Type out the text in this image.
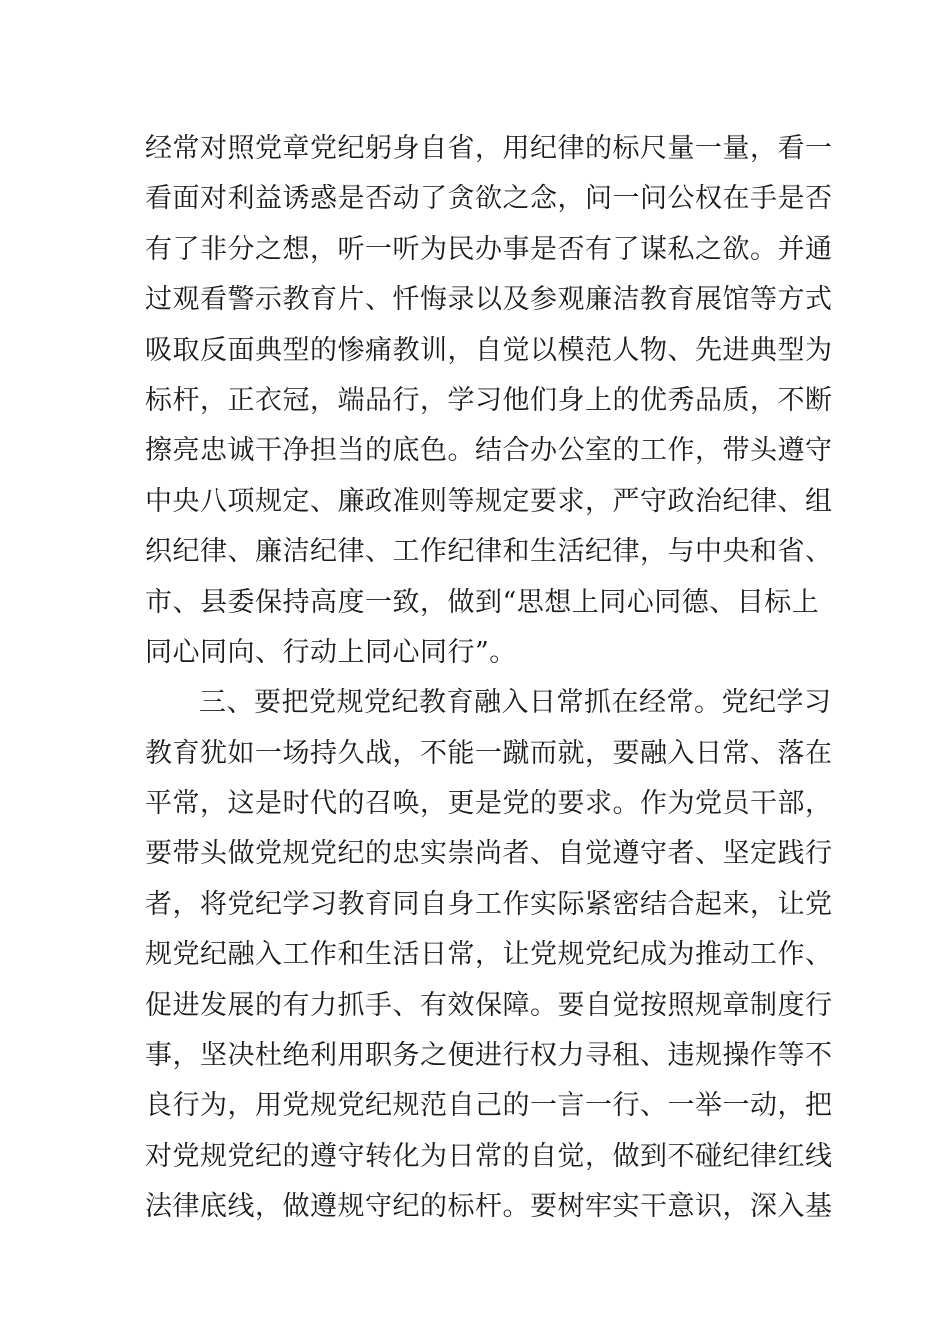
经常对照党章党纪躬身自省，用纪律的标尺量一量，看一
看面对利益诱惑是否动了贪欲之念，问一问公权在手是否
有了非分之想，听一听为民办事是否有了谋私之欲。并通
过观看警示教育片、忏悔录以及参观廉洁教育展馆等方式
吸取反面典型的惨痛教训，自觉以模范人物、先进典型为
标杆，正衣冠，端品行，学习他们身上的优秀品质，不断
擦亮忠诚干净担当的底色。结合办公室的工作，带头遵守
中央八项规定、廉政准则等规定要求，严守政治纪律、组
织纪律、廉洁纪律、工作纪律和生活纪律，与中央和省、
市、县委保持高度一致，做到“思想上同心同德、目标上
同心同向、行动上同心同行”。
三、要把党规党纪教育融入日常抓在经常。党纪学习
教育犹如一场持久战，不能一蹴而就，要融入日常、落在
平常，这是时代的召唤，更是党的要求。作为党员干部，
要带头做党规党纪的忠实崇尚者、自觉遵守者、坚定践行
者，将党纪学习教育同自身工作实际紧密结合起来，让党
规党纪融入工作和生活日常，让党规党纪成为推动工作、
促进发展的有力抓手、有效保障。要自觉按照规章制度行
事，坚决杜绝利用职务之便进行权力寻租、违规操作等不
良行为，用党规党纪规范自己的一言一行、一举一动，把
对党规党纪的遵守转化为日常的自觉，做到不碰纪律红线
法律底线，做遵规守纪的标杆。要树牢实干意识，深入基
